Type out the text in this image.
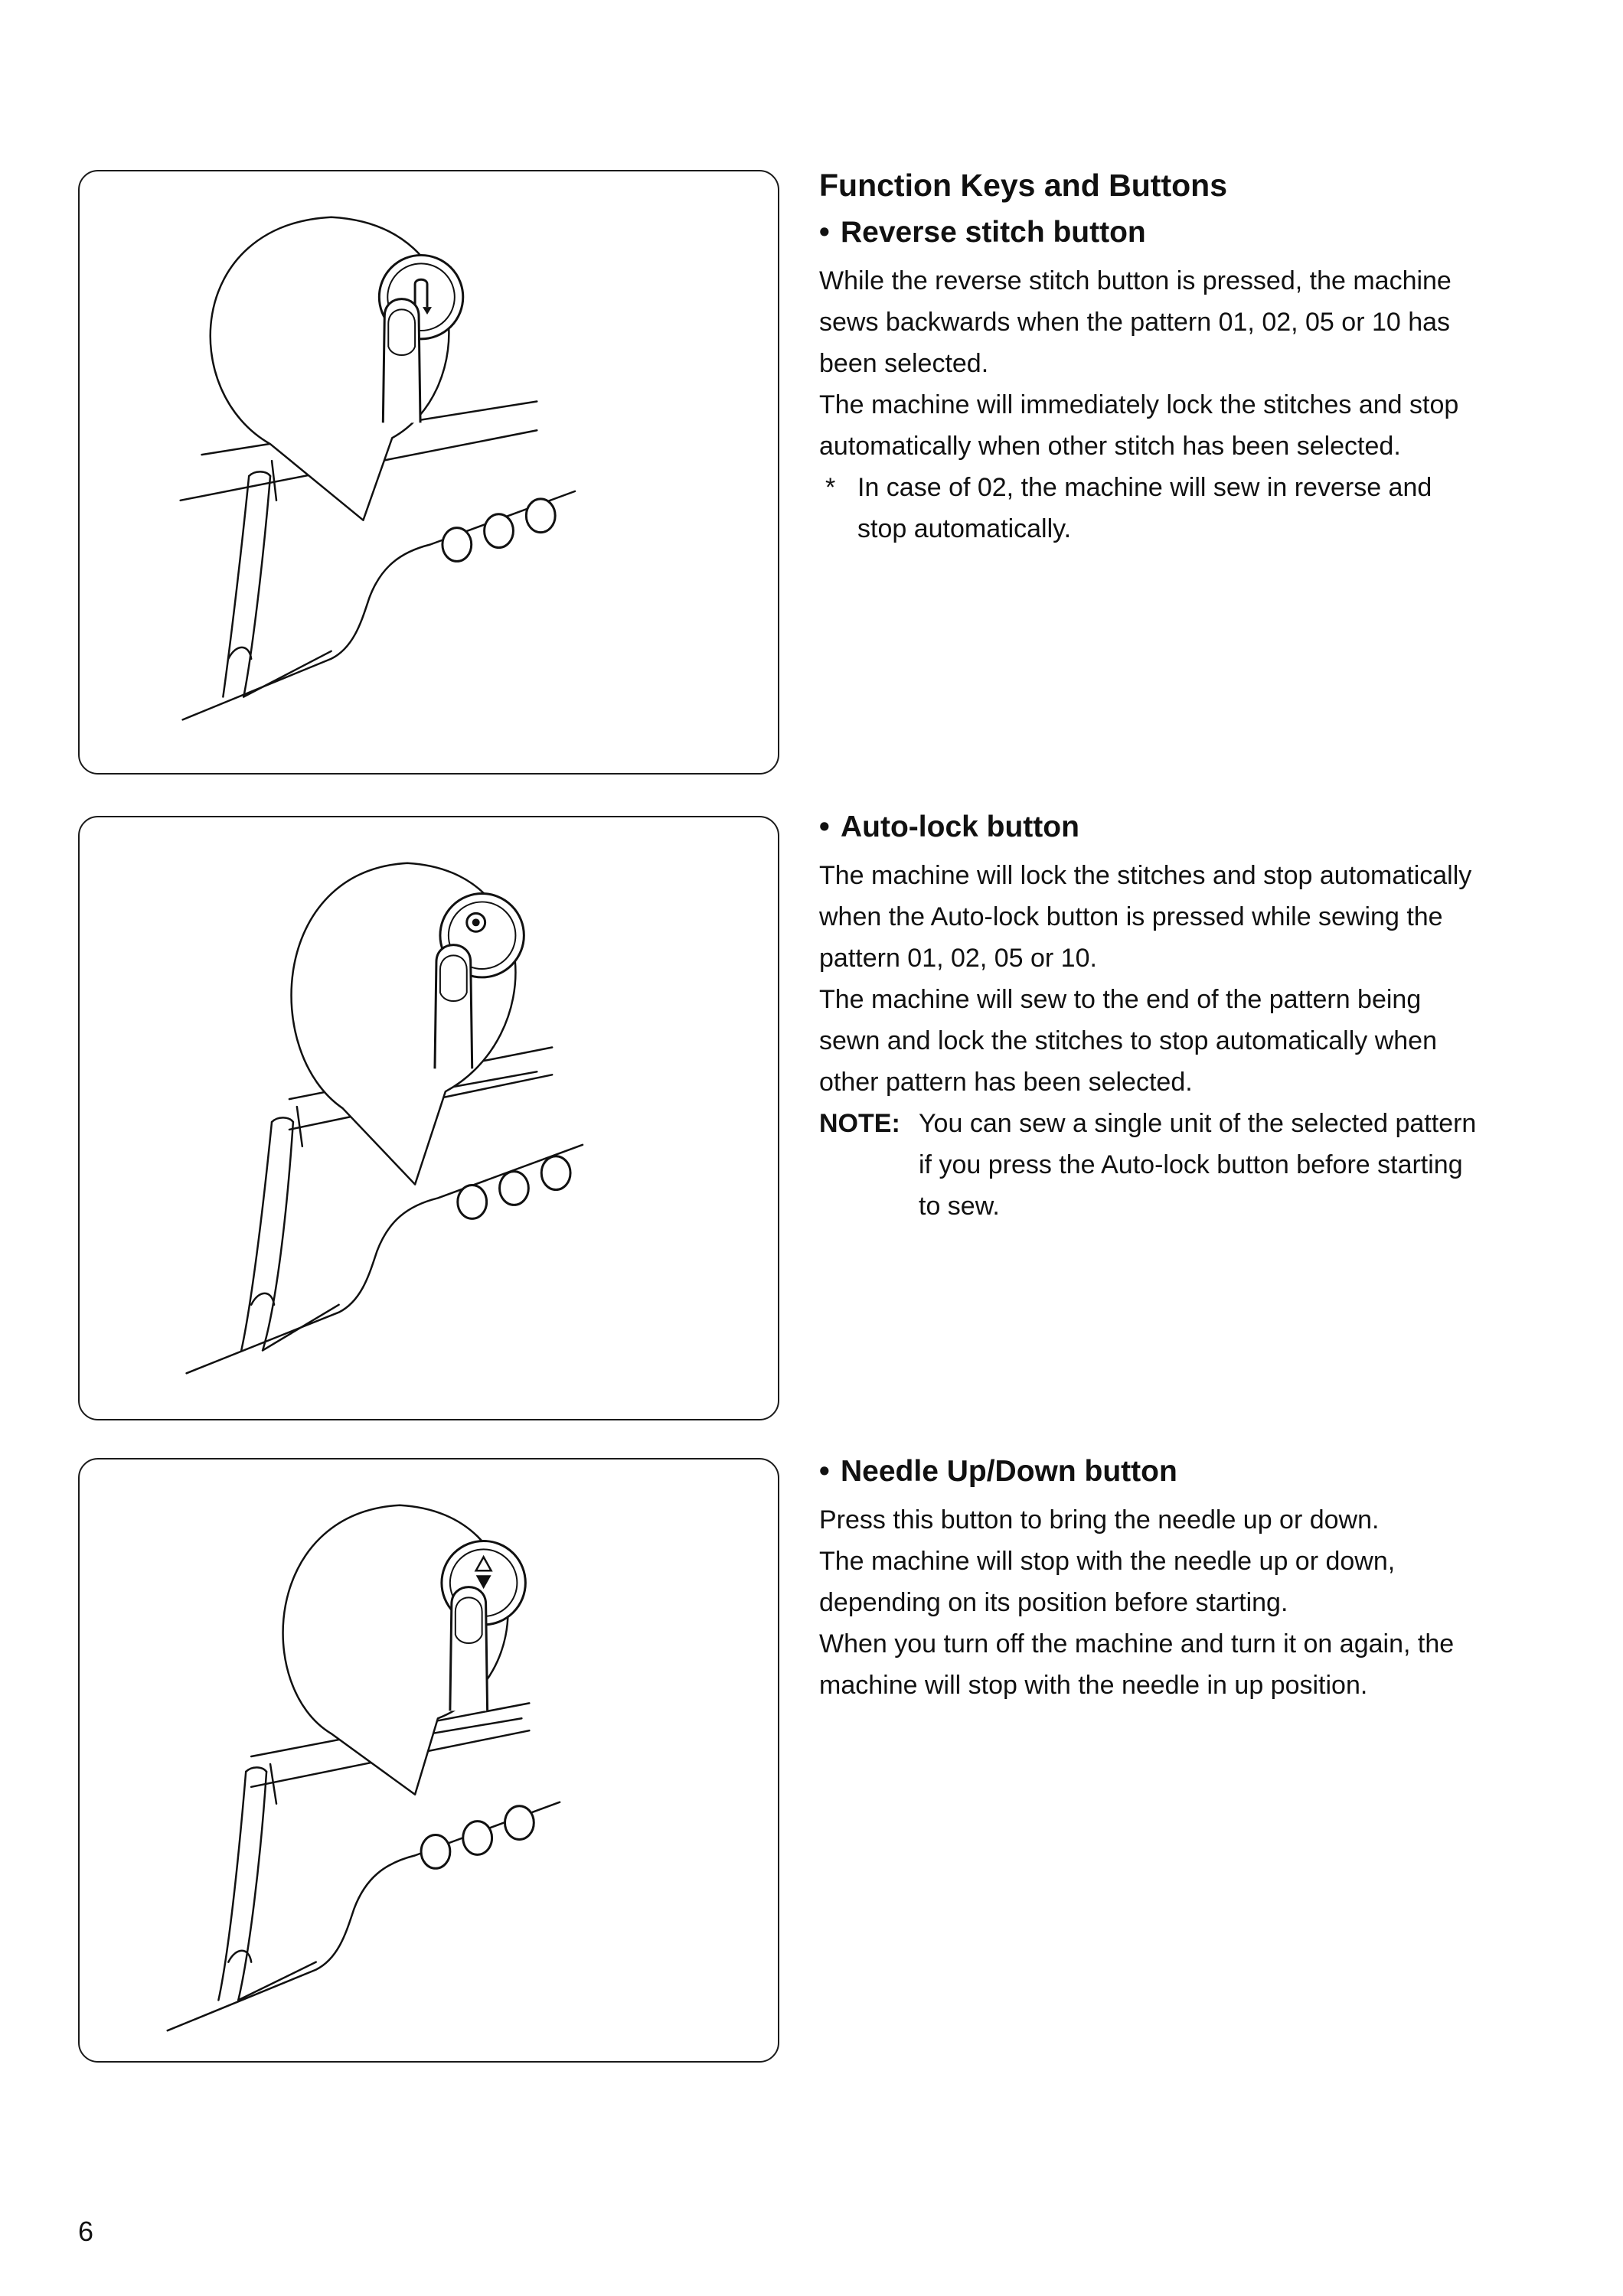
Function Keys and Buttons
• Reverse stitch button

While the reverse stitch button is pressed, the machine

sews backwards when the pattern 01, 02, 05 or 10 has

been selected.

The machine will immediately lock the stitches and stop

automatically when other stitch has been selected.

* In case of 02, the machine will sew in reverse and
stop automatically.
• Auto-lock button

The machine will lock the stitches and stop automatically

when the Auto-lock button is pressed while sewing the

pattern 01, 02, 05 or 10.

The machine will sew to the end of the pattern being

sewn and lock the stitches to stop automatically when

other pattern has been selected.

NOTE: You can sew a single unit of the selected pattern
if you press the Auto-lock button before starting
to sew.
• Needle Up/Down button

Press this button to bring the needle up or down.

The machine will stop with the needle up or down,

depending on its position before starting.

When you turn off the machine and turn it on again, the

machine will stop with the needle in up position.

6
